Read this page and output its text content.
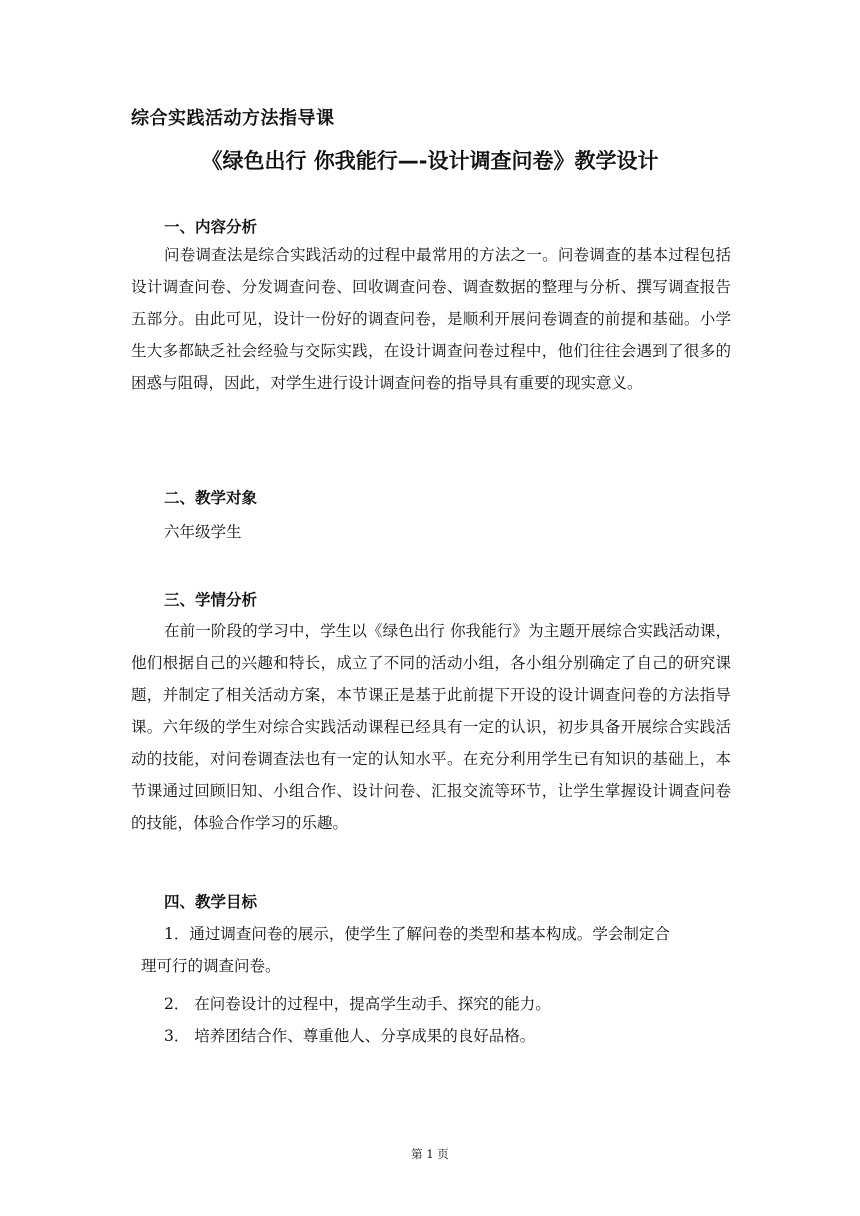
综合实践活动方法指导课
《绿色出行 你我能行—-设计调查问卷》教学设计
一、内容分析
问卷调查法是综合实践活动的过程中最常用的方法之一。问卷调查的基本过程包括设计调查问卷、分发调查问卷、回收调查问卷、调查数据的整理与分析、撰写调查报告五部分。由此可见，设计一份好的调查问卷，是顺利开展问卷调查的前提和基础。小学生大多都缺乏社会经验与交际实践，在设计调查问卷过程中，他们往往会遇到了很多的困惑与阻碍，因此，对学生进行设计调查问卷的指导具有重要的现实意义。
二、教学对象
六年级学生
三、学情分析
在前一阶段的学习中，学生以《绿色出行 你我能行》为主题开展综合实践活动课，他们根据自己的兴趣和特长，成立了不同的活动小组，各小组分别确定了自己的研究课题，并制定了相关活动方案，本节课正是基于此前提下开设的设计调查问卷的方法指导课。六年级的学生对综合实践活动课程已经具有一定的认识，初步具备开展综合实践活动的技能，对问卷调查法也有一定的认知水平。在充分利用学生已有知识的基础上，本节课通过回顾旧知、小组合作、设计问卷、汇报交流等环节，让学生掌握设计调查问卷的技能，体验合作学习的乐趣。
四、教学目标
1．通过调查问卷的展示，使学生了解问卷的类型和基本构成。学会制定合
理可行的调查问卷。
2． 在问卷设计的过程中，提高学生动手、探究的能力。
3． 培养团结合作、尊重他人、分享成果的良好品格。
第 1 页
